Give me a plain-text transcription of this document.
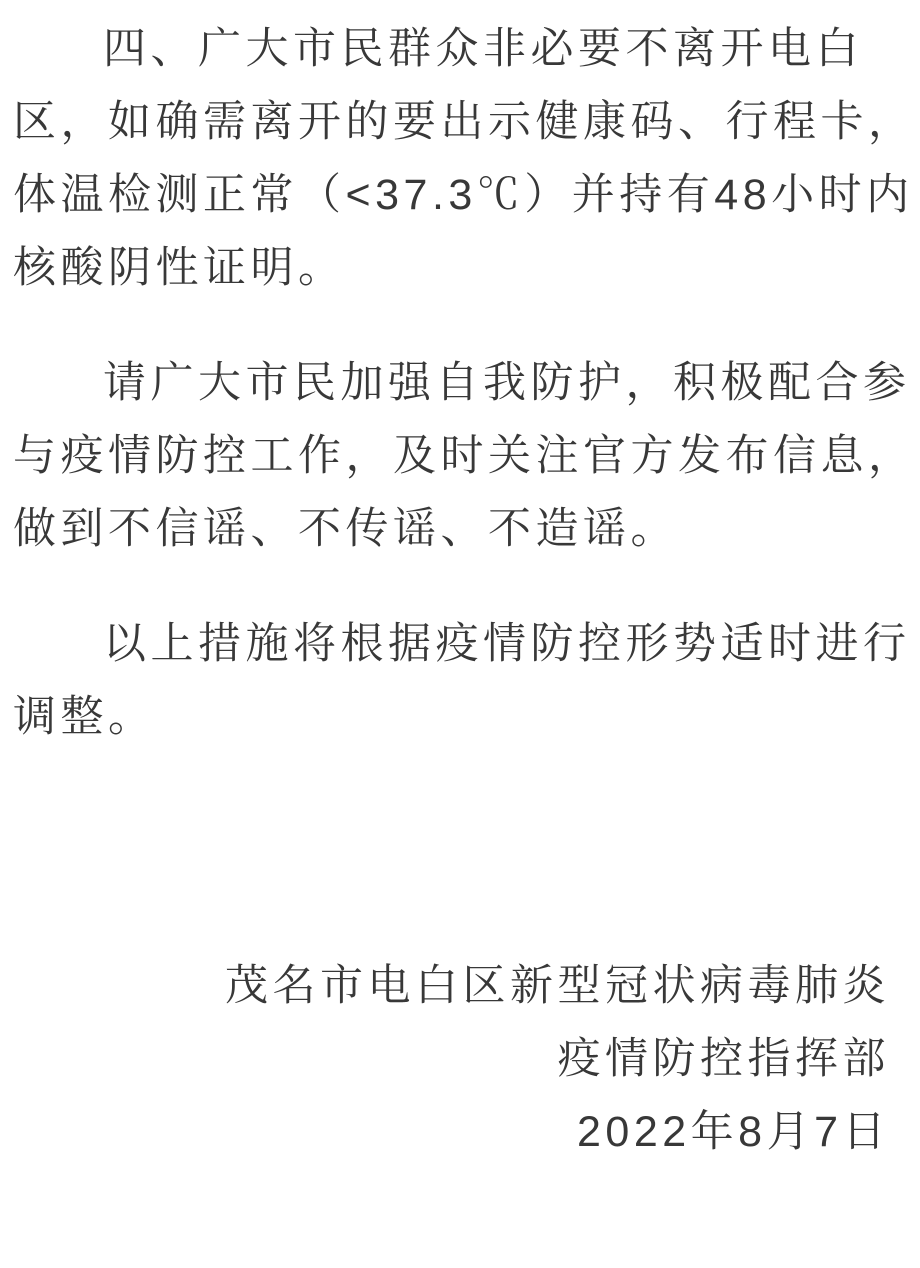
四、广大市民群众非必要不离开电白
区，如确需离开的要出示健康码、行程卡，
体温检测正常（<37.3℃）并持有48小时内
核酸阴性证明。
请广大市民加强自我防护，积极配合参
与疫情防控工作，及时关注官方发布信息，
做到不信谣、不传谣、不造谣。
以上措施将根据疫情防控形势适时进行
调整。
茂名市电白区新型冠状病毒肺炎
疫情防控指挥部
2022年8月7日
